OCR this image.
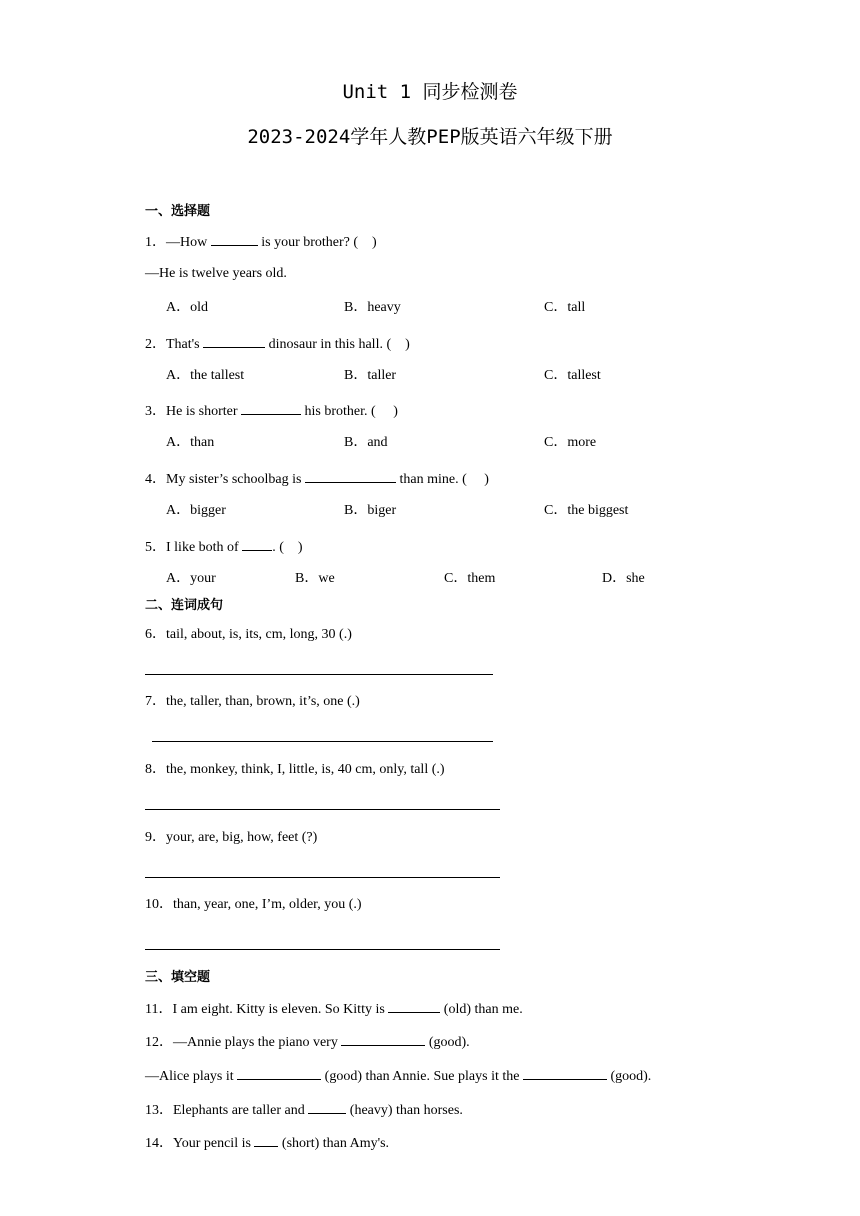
Unit 1 同步检测卷
2023-2024学年人教PEP版英语六年级下册
一、选择题
1．—How	is your brother? (　)
—He is twelve years old.
A．old	B．heavy	C．tall
2．That's	dinosaur in this hall. (　)
A．the tallest	B．taller	C．tallest
3．He is shorter	his brother. (　 )
A．than	B．and	C．more
4．My sister’s schoolbag is	than mine. (　 )
A．bigger	B．biger	C．the biggest
5．I like both of . (　)
A．your	B．we	C．them	D．she
二、连词成句
6．tail, about, is, its, cm, long, 30 (.)
7．the, taller, than, brown, it’s, one (.)
8．the, monkey, think, I, little, is, 40 cm, only, tall (.)
9．your, are, big, how, feet (?)
10．than, year, one, I’m, older, you (.)
三、填空题
11．I am eight. Kitty is eleven. So Kitty is	(old) than me.
12．—Annie plays the piano very	(good).
—Alice plays it	(good) than Annie. Sue plays it the	(good).
13．Elephants are taller and	(heavy) than horses.
14．Your pencil is (short) than Amy's.
